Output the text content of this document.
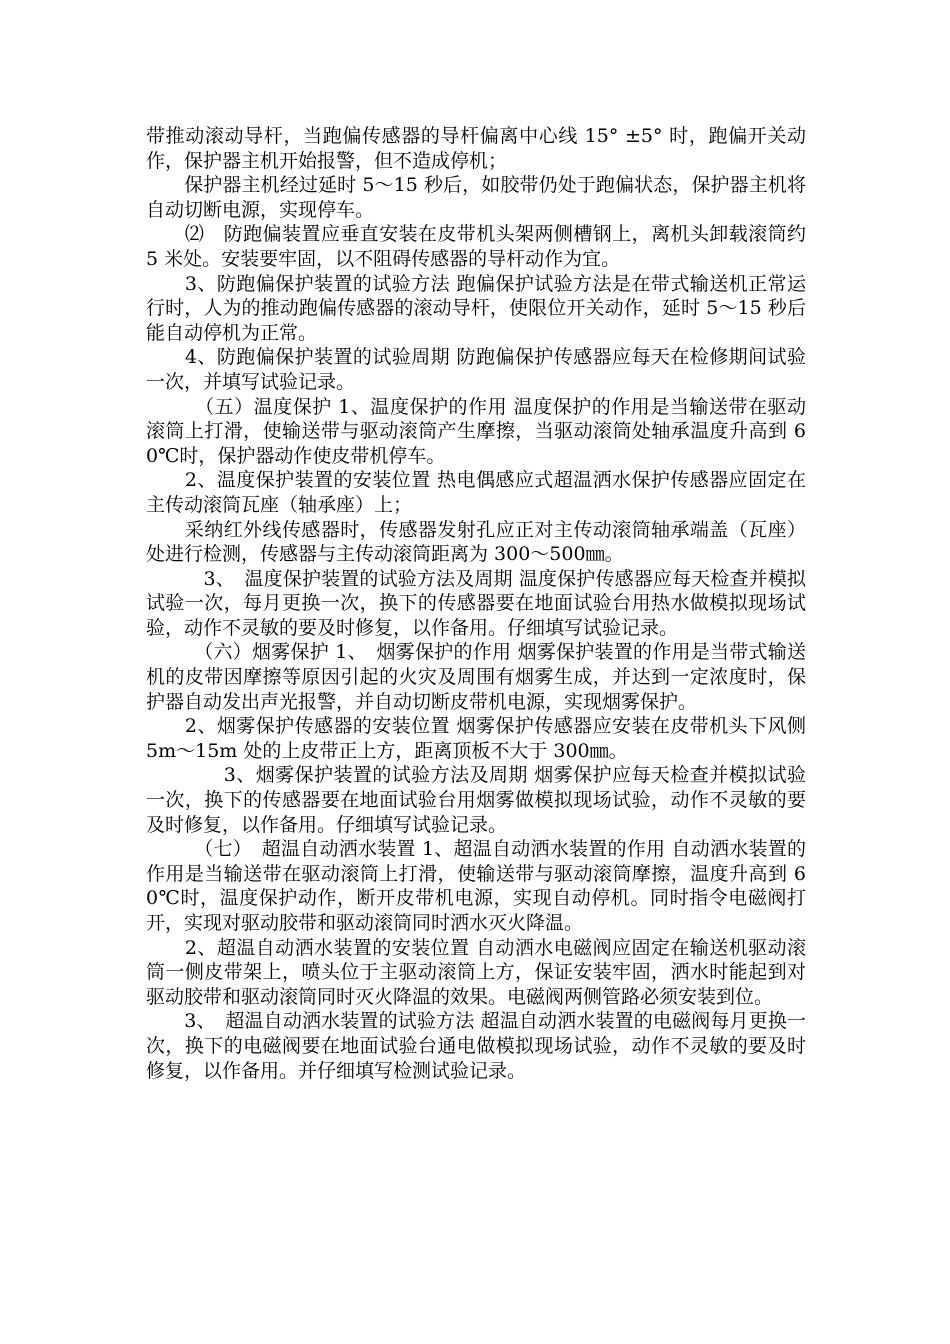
带推动滚动导杆，当跑偏传感器的导杆偏离中心线 15° ±5° 时，跑偏开关动作，保护器主机开始报警，但不造成停机；

　　保护器主机经过延时 5～15 秒后，如胶带仍处于跑偏状态，保护器主机将自动切断电源，实现停车。

　　⑵　防跑偏装置应垂直安装在皮带机头架两侧槽钢上，离机头卸载滚筒约 5 米处。安装要牢固，以不阻碍传感器的导杆动作为宜。

　　3、防跑偏保护装置的试验方法 跑偏保护试验方法是在带式输送机正常运行时，人为的推动跑偏传感器的滚动导杆，使限位开关动作，延时 5～15 秒后能自动停机为正常。

　　4、防跑偏保护装置的试验周期 防跑偏保护传感器应每天在检修期间试验一次，并填写试验记录。

　　　（五）温度保护 1、温度保护的作用 温度保护的作用是当输送带在驱动滚筒上打滑，使输送带与驱动滚筒产生摩擦，当驱动滚筒处轴承温度升高到 60℃时，保护器动作使皮带机停车。

　　2、温度保护装置的安装位置 热电偶感应式超温洒水保护传感器应固定在主传动滚筒瓦座（轴承座）上；

　　采纳红外线传感器时，传感器发射孔应正对主传动滚筒轴承端盖（瓦座）处进行检测，传感器与主传动滚筒距离为 300～500㎜。

　　　3、　温度保护装置的试验方法及周期 温度保护传感器应每天检查并模拟试验一次，每月更换一次，换下的传感器要在地面试验台用热水做模拟现场试验，动作不灵敏的要及时修复，以作备用。仔细填写试验记录。

　　　（六）烟雾保护 1、　烟雾保护的作用 烟雾保护装置的作用是当带式输送机的皮带因摩擦等原因引起的火灾及周围有烟雾生成，并达到一定浓度时，保护器自动发出声光报警，并自动切断皮带机电源，实现烟雾保护。

　　2、烟雾保护传感器的安装位置 烟雾保护传感器应安装在皮带机头下风侧 5m～15m 处的上皮带正上方，距离顶板不大于 300㎜。

　　　　3、烟雾保护装置的试验方法及周期 烟雾保护应每天检查并模拟试验一次，换下的传感器要在地面试验台用烟雾做模拟现场试验，动作不灵敏的要及时修复，以作备用。仔细填写试验记录。

　　　（七）　超温自动洒水装置 1、超温自动洒水装置的作用 自动洒水装置的作用是当输送带在驱动滚筒上打滑，使输送带与驱动滚筒摩擦，温度升高到 60℃时，温度保护动作，断开皮带机电源，实现自动停机。同时指令电磁阀打开，实现对驱动胶带和驱动滚筒同时洒水灭火降温。

　　2、超温自动洒水装置的安装位置 自动洒水电磁阀应固定在输送机驱动滚筒一侧皮带架上，喷头位于主驱动滚筒上方，保证安装牢固，洒水时能起到对驱动胶带和驱动滚筒同时灭火降温的效果。电磁阀两侧管路必须安装到位。

　　3、　超温自动洒水装置的试验方法 超温自动洒水装置的电磁阀每月更换一次，换下的电磁阀要在地面试验台通电做模拟现场试验，动作不灵敏的要及时修复，以作备用。并仔细填写检测试验记录。
